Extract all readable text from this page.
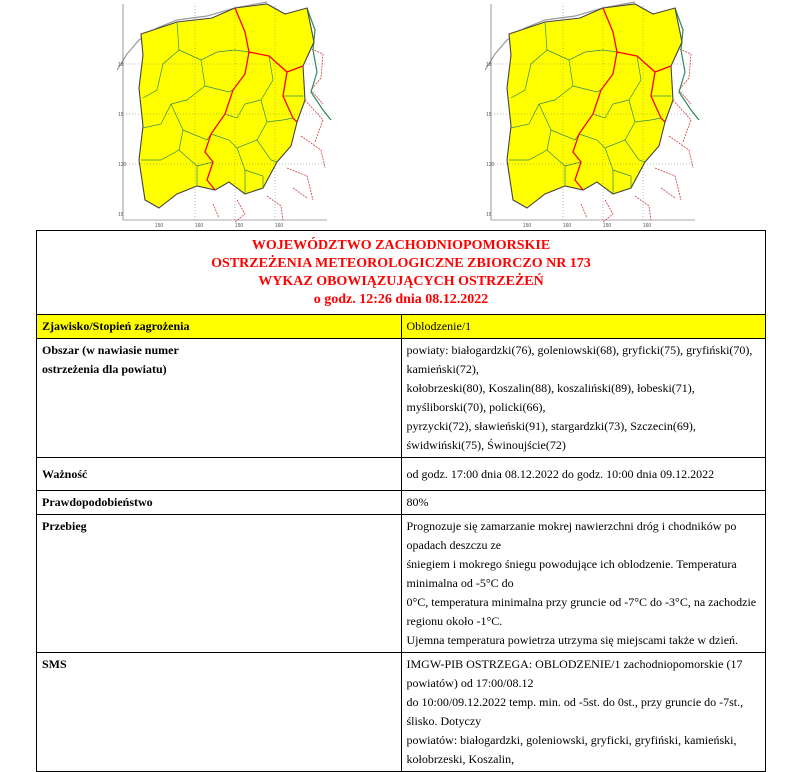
150	160	150	160
18
15
120
15
150	160	150	160
18
15
120
15
WOJEWÓDZTWO ZACHODNIOPOMORSKIE
OSTRZEŻENIA METEOROLOGICZNE ZBIORCZO NR 173
WYKAZ OBOWIĄZUJĄCYCH OSTRZEŻEŃ
o godz. 12:26 dnia 08.12.2022	

Zjawisko/Stopień zagrożenia	Oblodzenie/1

Obszar (w nawiasie numer
ostrzeżenia dla powiatu)	powiaty: białogardzki(76), goleniowski(68), gryficki(75), gryfiński(70), kamieński(72),
kołobrzeski(80), Koszalin(88), koszaliński(89), łobeski(71), myśliborski(70), policki(66),
pyrzycki(72), sławieński(91), stargardzki(73), Szczecin(69), świdwiński(75), Świnoujście(72)

Ważność	od godz. 17:00 dnia 08.12.2022 do godz. 10:00 dnia 09.12.2022
Prawdopodobieństwo	80%
Przebieg	Prognozuje się zamarzanie mokrej nawierzchni dróg i chodników po opadach deszczu ze
śniegiem i mokrego śniegu powodujące ich oblodzenie. Temperatura minimalna od -5°C do
0°C, temperatura minimalna przy gruncie od -7°C do -3°C, na zachodzie regionu około -1°C.
Ujemna temperatura powietrza utrzyma się miejscami także w dzień.

SMS	IMGW-PIB OSTRZEGA: OBLODZENIE/1 zachodniopomorskie (17 powiatów) od 17:00/08.12
do 10:00/09.12.2022 temp. min. od -5st. do 0st., przy gruncie do -7st., ślisko. Dotyczy
powiatów: białogardzki, goleniowski, gryficki, gryfiński, kamieński, kołobrzeski, Koszalin,
